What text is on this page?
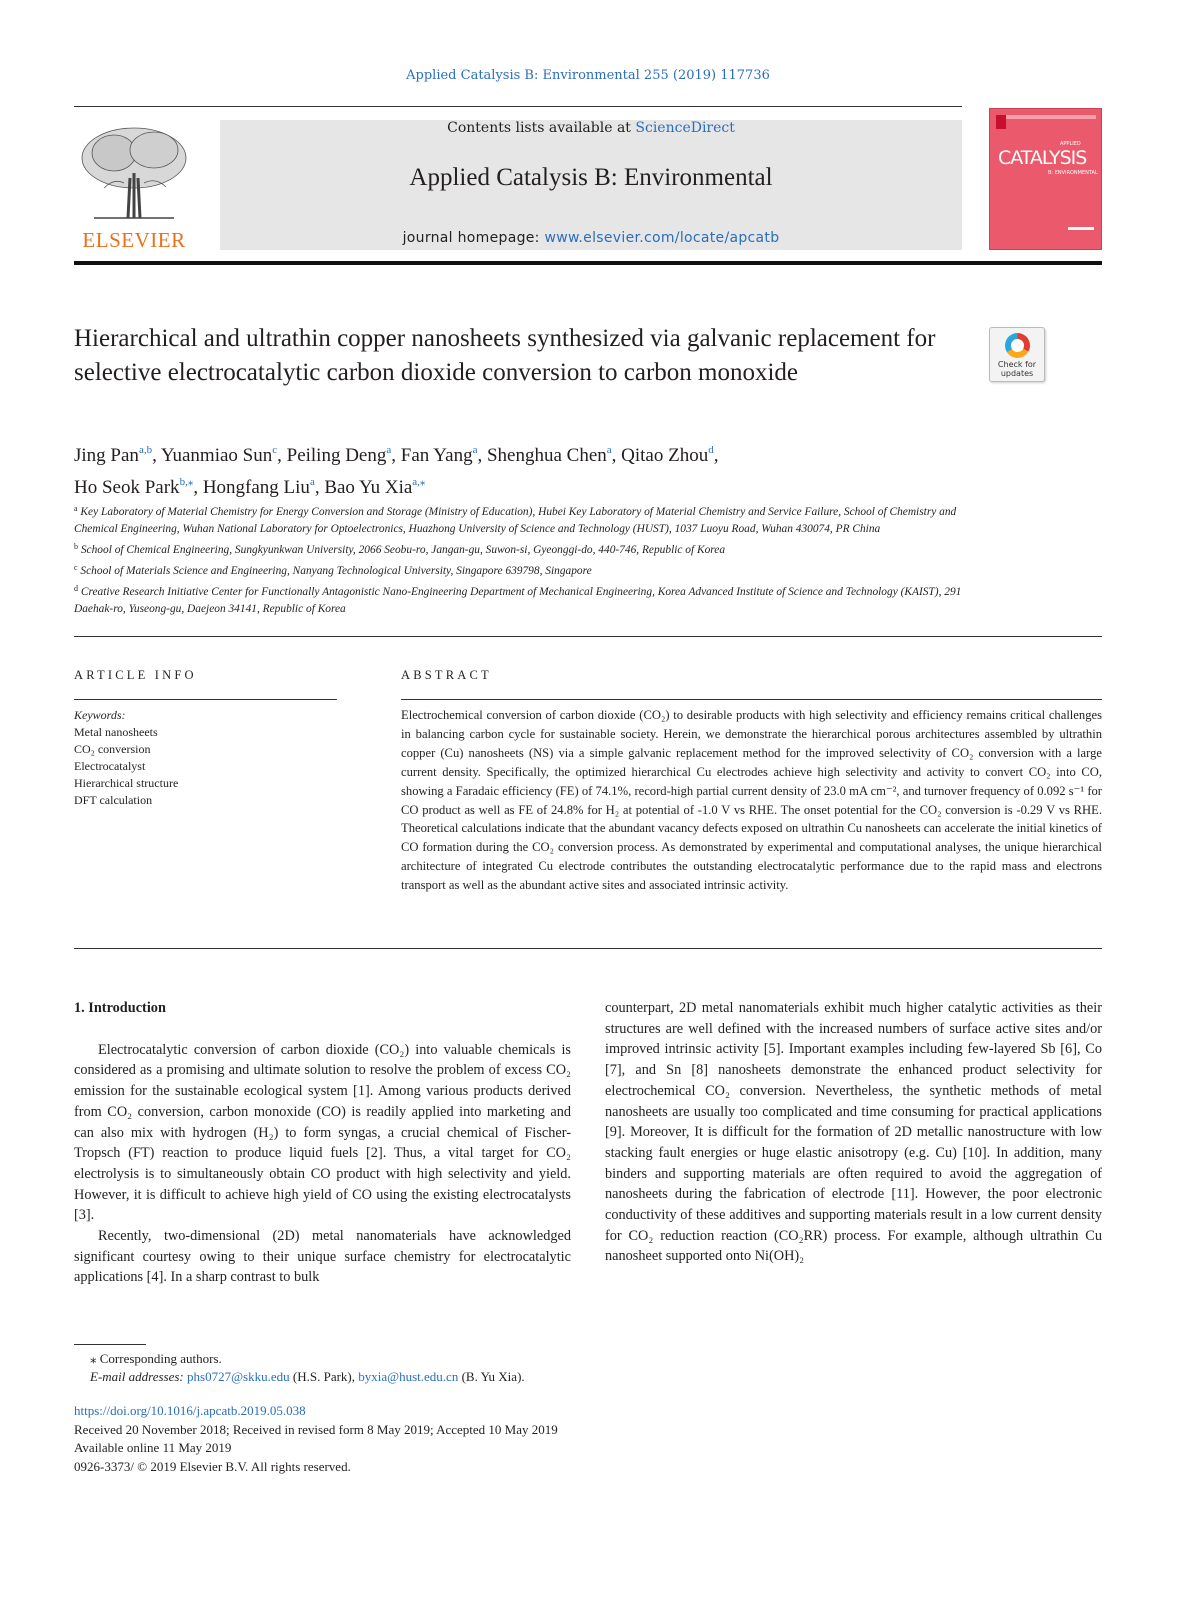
Applied Catalysis B: Environmental 255 (2019) 117736
ELSEVIER
Contents lists available at ScienceDirect
Applied Catalysis B: Environmental
journal homepage: www.elsevier.com/locate/apcatb
APPLIED
CATALYSIS
B: ENVIRONMENTAL
Hierarchical and ultrathin copper nanosheets synthesized via galvanic replacement for selective electrocatalytic carbon dioxide conversion to carbon monoxide	Check for
updates
Jing Pan$^{a,b}$, Yuanmiao Sun$^c$, Peiling Deng$^a$, Fan Yang$^a$, Shenghua Chen$^a$, Qitao Zhou$^d$,
Ho Seok Park$^{b,⁎}$, Hongfang Liu$^a$, Bao Yu Xia$^{a,⁎}$
$^a$ Key Laboratory of Material Chemistry for Energy Conversion and Storage (Ministry of Education), Hubei Key Laboratory of Material Chemistry and Service Failure, School of Chemistry and Chemical Engineering, Wuhan National Laboratory for Optoelectronics, Huazhong University of Science and Technology (HUST), 1037 Luoyu Road, Wuhan 430074, PR China
$^b$ School of Chemical Engineering, Sungkyunkwan University, 2066 Seobu-ro, Jangan-gu, Suwon-si, Gyeonggi-do, 440-746, Republic of Korea
$^c$ School of Materials Science and Engineering, Nanyang Technological University, Singapore 639798, Singapore
$^d$ Creative Research Initiative Center for Functionally Antagonistic Nano-Engineering Department of Mechanical Engineering, Korea Advanced Institute of Science and Technology (KAIST), 291 Daehak-ro, Yuseong-gu, Daejeon 34141, Republic of Korea
ARTICLE INFO	ABSTRACT
Keywords:
Metal nanosheets
CO₂ conversion
Electrocatalyst
Hierarchical structure
DFT calculation
Electrochemical conversion of carbon dioxide (CO₂) to desirable products with high selectivity and efficiency remains critical challenges in balancing carbon cycle for sustainable society. Herein, we demonstrate the hierarchical porous architectures assembled by ultrathin copper (Cu) nanosheets (NS) via a simple galvanic replacement method for the improved selectivity of CO₂ conversion with a large current density. Specifically, the optimized hierarchical Cu electrodes achieve high selectivity and activity to convert CO₂ into CO, showing a Faradaic efficiency (FE) of 74.1%, record-high partial current density of 23.0 mA cm⁻², and turnover frequency of 0.092 s⁻¹ for CO product as well as FE of 24.8% for H₂ at potential of -1.0 V vs RHE. The onset potential for the CO₂ conversion is -0.29 V vs RHE. Theoretical calculations indicate that the abundant vacancy defects exposed on ultrathin Cu nanosheets can accelerate the initial kinetics of CO formation during the CO₂ conversion process. As demonstrated by experimental and computational analyses, the unique hierarchical architecture of integrated Cu electrode contributes the outstanding electrocatalytic performance due to the rapid mass and electrons transport as well as the abundant active sites and associated intrinsic activity.
1. Introduction

Electrocatalytic conversion of carbon dioxide (CO₂) into valuable chemicals is considered as a promising and ultimate solution to resolve the problem of excess CO₂ emission for the sustainable ecological system [1]. Among various products derived from CO₂ conversion, carbon monoxide (CO) is readily applied into marketing and can also mix with hydrogen (H₂) to form syngas, a crucial chemical of Fischer-Tropsch (FT) reaction to produce liquid fuels [2]. Thus, a vital target for CO₂ electrolysis is to simultaneously obtain CO product with high selectivity and yield. However, it is difficult to achieve high yield of CO using the existing electrocatalysts [3].

Recently, two-dimensional (2D) metal nanomaterials have acknowledged significant courtesy owing to their unique surface chemistry for electrocatalytic applications [4]. In a sharp contrast to bulk

counterpart, 2D metal nanomaterials exhibit much higher catalytic activities as their structures are well defined with the increased numbers of surface active sites and/or improved intrinsic activity [5]. Important examples including few-layered Sb [6], Co [7], and Sn [8] nanosheets demonstrate the enhanced product selectivity for electrochemical CO₂ conversion. Nevertheless, the synthetic methods of metal nanosheets are usually too complicated and time consuming for practical applications [9]. Moreover, It is difficult for the formation of 2D metallic nanostructure with low stacking fault energies or huge elastic anisotropy (e.g. Cu) [10]. In addition, many binders and supporting materials are often required to avoid the aggregation of nanosheets during the fabrication of electrode [11]. However, the poor electronic conductivity of these additives and supporting materials result in a low current density for CO₂ reduction reaction (CO₂RR) process. For example, although ultrathin Cu nanosheet supported onto Ni(OH)₂

⁎ Corresponding authors.
E-mail addresses: phs0727@skku.edu (H.S. Park), byxia@hust.edu.cn (B. Yu Xia).
https://doi.org/10.1016/j.apcatb.2019.05.038
Received 20 November 2018; Received in revised form 8 May 2019; Accepted 10 May 2019
Available online 11 May 2019
0926-3373/ © 2019 Elsevier B.V. All rights reserved.
